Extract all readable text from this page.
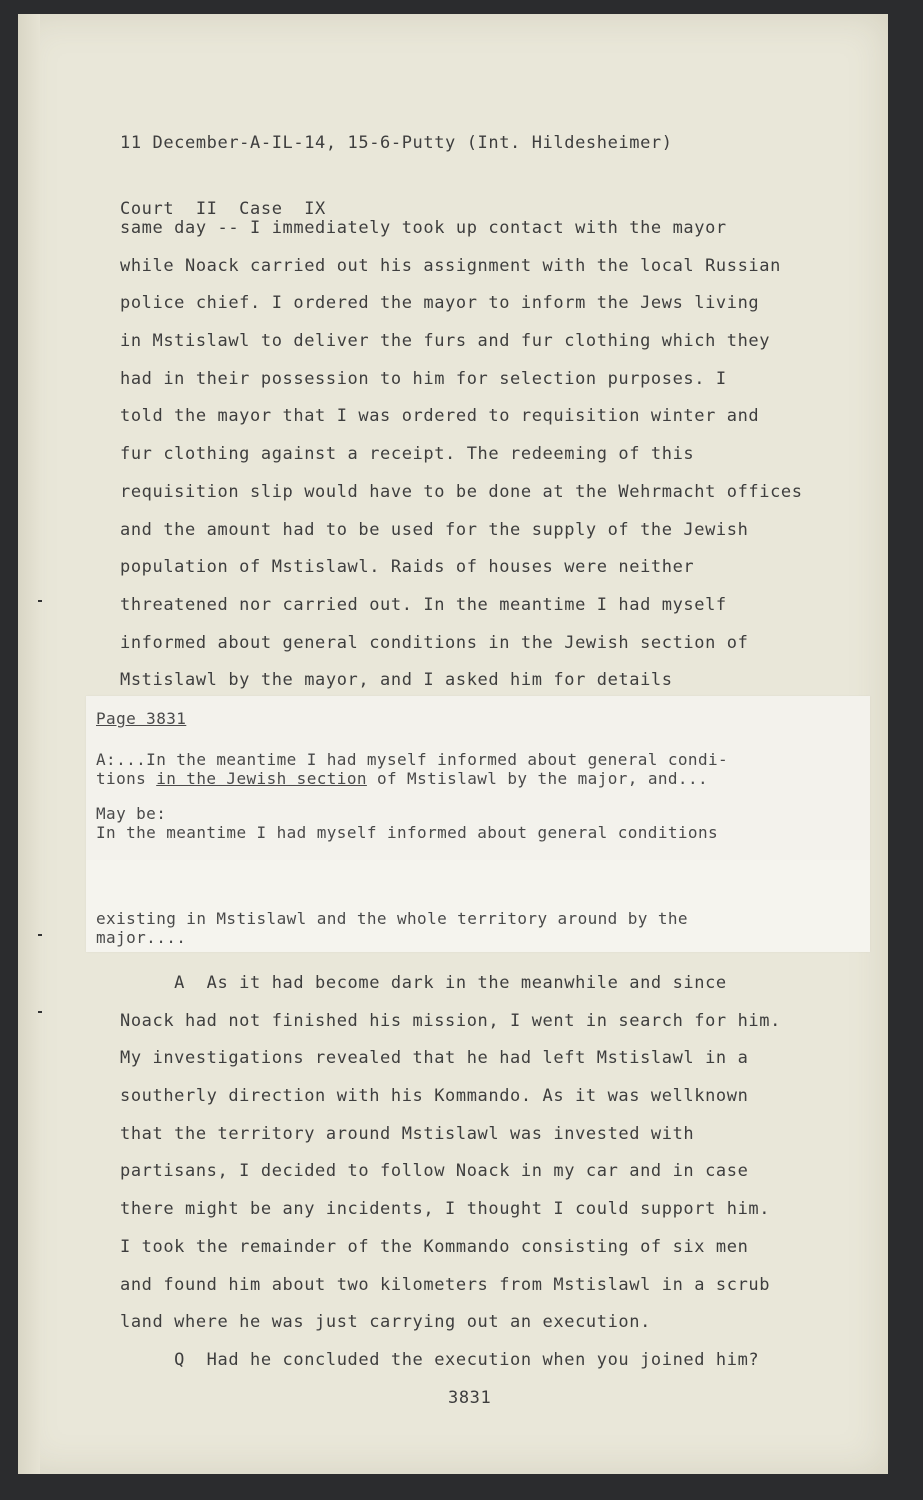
11 December-A-IL-14, 15-6-Putty (Int. Hildesheimer)

Court  II  Case  IX

same day -- I immediately took up contact with the mayor
while Noack carried out his assignment with the local Russian
police chief. I ordered the mayor to inform the Jews living
in Mstislawl to deliver the furs and fur clothing which they
had in their possession to him for selection purposes. I
told the mayor that I was ordered to requisition winter and
fur clothing against a receipt. The redeeming of this
requisition slip would have to be done at the Wehrmacht offices
and the amount had to be used for the supply of the Jewish
population of Mstislawl. Raids of houses were neither
threatened nor carried out. In the meantime I had myself
informed about general conditions in the Jewish section of
Mstislawl by the mayor, and I asked him for details
Page 3831
A:...In the meantime I had myself informed about general condi-
tions in the Jewish section of Mstislawl by the major, and...
May be:
In the meantime I had myself informed about general conditions
existing in Mstislawl and the whole territory around by the
major....
A  As it had become dark in the meanwhile and since
Noack had not finished his mission, I went in search for him.
My investigations revealed that he had left Mstislawl in a
southerly direction with his Kommando. As it was wellknown
that the territory around Mstislawl was invested with
partisans, I decided to follow Noack in my car and in case
there might be any incidents, I thought I could support him.
I took the remainder of the Kommando consisting of six men
and found him about two kilometers from Mstislawl in a scrub
land where he was just carrying out an execution.
Q  Had he concluded the execution when you joined him?
3831
